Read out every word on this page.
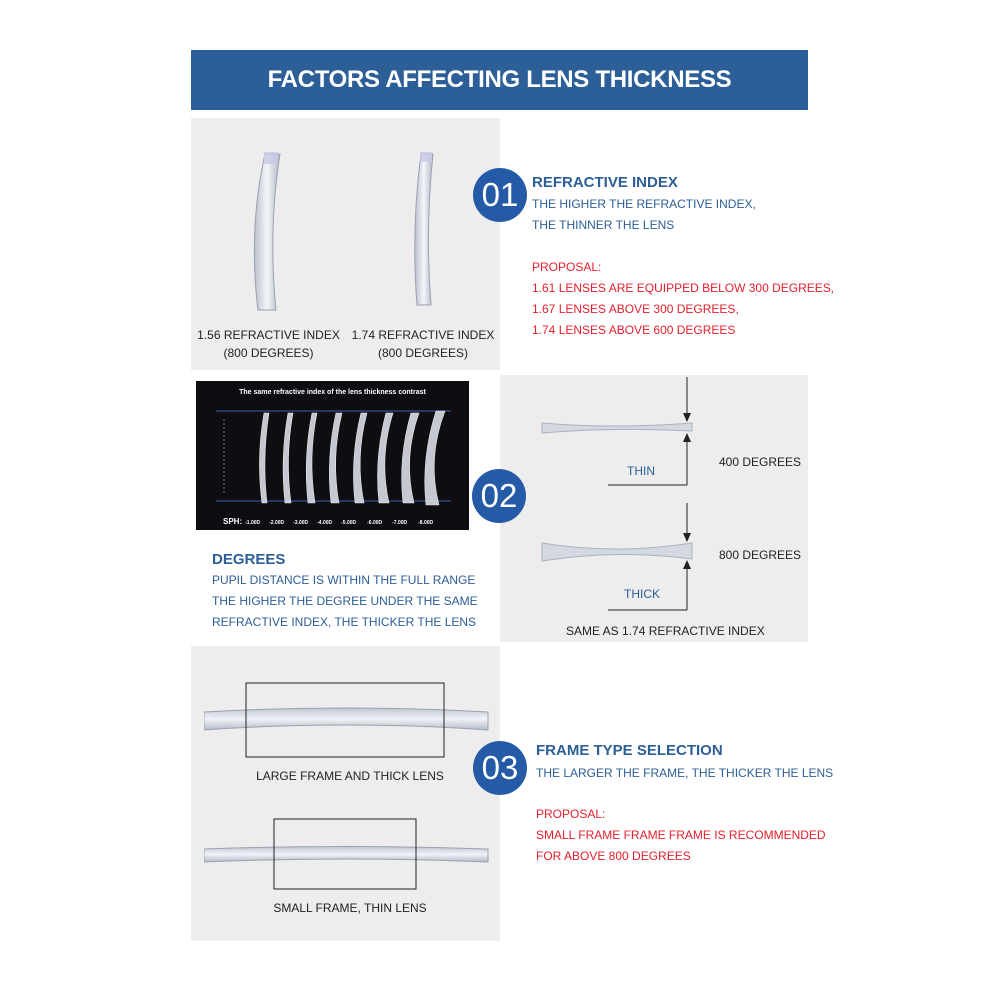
FACTORS AFFECTING LENS THICKNESS
1.56 REFRACTIVE INDEX
(800 DEGREES)
1.74 REFRACTIVE INDEX
(800 DEGREES)
01 REFRACTIVE INDEX
THE HIGHER THE REFRACTIVE INDEX,
THE THINNER THE LENS
PROPOSAL:
1.61 LENSES ARE EQUIPPED BELOW 300 DEGREES,
1.67 LENSES ABOVE 300 DEGREES,
1.74 LENSES ABOVE 600 DEGREES
The same refractive index of the lens thickness contrast
SPH: -1.00D	-2.00D	-3.00D	-4.00D	-5.00D	-6.00D	-7.00D	-8.00D
DEGREES
PUPIL DISTANCE IS WITHIN THE FULL RANGE
THE HIGHER THE DEGREE UNDER THE SAME
REFRACTIVE INDEX, THE THICKER THE LENS
THIN
400 DEGREES
THICK
800 DEGREES
SAME AS 1.74 REFRACTIVE INDEX
02
LARGE FRAME AND THICK LENS
SMALL FRAME, THIN LENS
03 FRAME TYPE SELECTION
THE LARGER THE FRAME, THE THICKER THE LENS
PROPOSAL:
SMALL FRAME FRAME FRAME IS RECOMMENDED
FOR ABOVE 800 DEGREES
